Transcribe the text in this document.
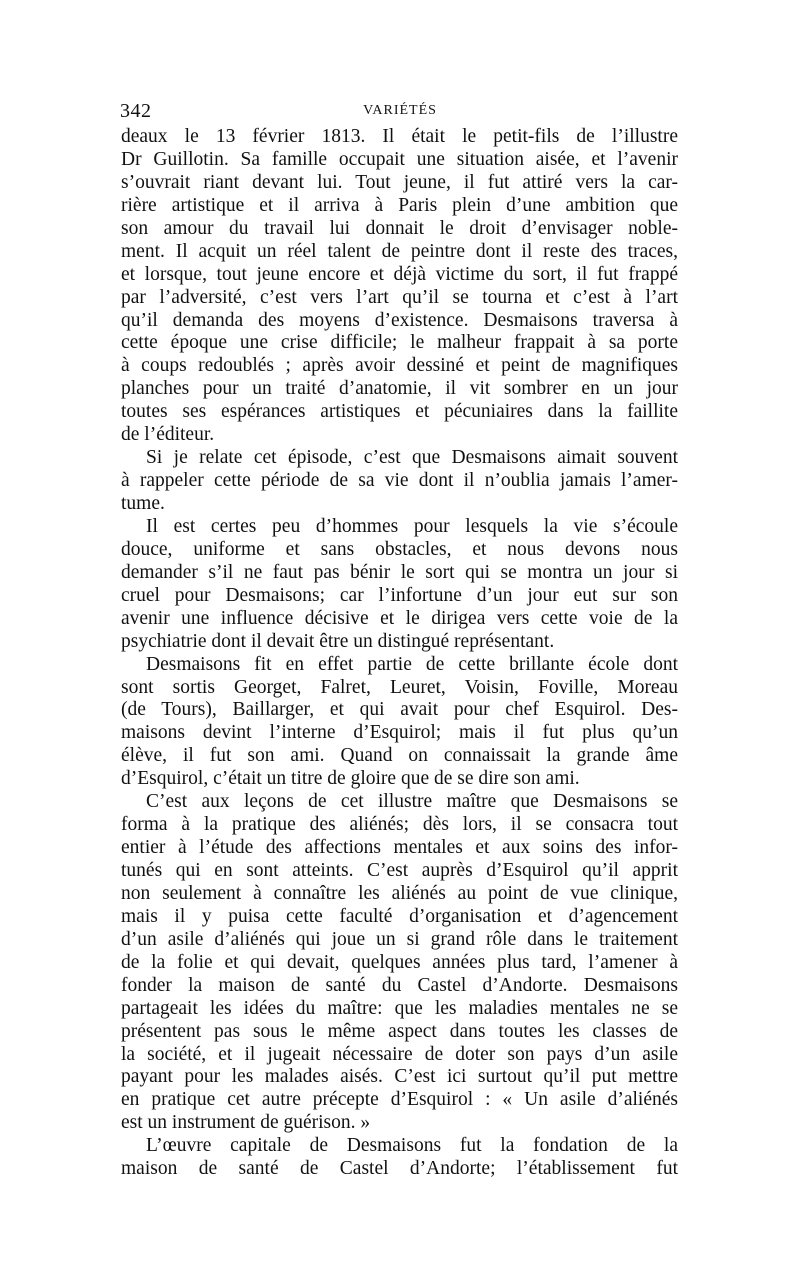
342	VARIÉTÉS
deaux le 13 février 1813. Il était le petit-fils de l’illustre
Dr Guillotin. Sa famille occupait une situation aisée, et l’avenir
s’ouvrait riant devant lui. Tout jeune, il fut attiré vers la car-
rière artistique et il arriva à Paris plein d’une ambition que
son amour du travail lui donnait le droit d’envisager noble-
ment. Il acquit un réel talent de peintre dont il reste des traces,
et lorsque, tout jeune encore et déjà victime du sort, il fut frappé
par l’adversité, c’est vers l’art qu’il se tourna et c’est à l’art
qu’il demanda des moyens d’existence. Desmaisons traversa à
cette époque une crise difficile; le malheur frappait à sa porte
à coups redoublés ; après avoir dessiné et peint de magnifiques
planches pour un traité d’anatomie, il vit sombrer en un jour
toutes ses espérances artistiques et pécuniaires dans la faillite
de l’éditeur.
Si je relate cet épisode, c’est que Desmaisons aimait souvent
à rappeler cette période de sa vie dont il n’oublia jamais l’amer-
tume.
Il est certes peu d’hommes pour lesquels la vie s’écoule
douce, uniforme et sans obstacles, et nous devons nous
demander s’il ne faut pas bénir le sort qui se montra un jour si
cruel pour Desmaisons; car l’infortune d’un jour eut sur son
avenir une influence décisive et le dirigea vers cette voie de la
psychiatrie dont il devait être un distingué représentant.
Desmaisons fit en effet partie de cette brillante école dont
sont sortis Georget, Falret, Leuret, Voisin, Foville, Moreau
(de Tours), Baillarger, et qui avait pour chef Esquirol. Des-
maisons devint l’interne d’Esquirol; mais il fut plus qu’un
élève, il fut son ami. Quand on connaissait la grande âme
d’Esquirol, c’était un titre de gloire que de se dire son ami.
C’est aux leçons de cet illustre maître que Desmaisons se
forma à la pratique des aliénés; dès lors, il se consacra tout
entier à l’étude des affections mentales et aux soins des infor-
tunés qui en sont atteints. C’est auprès d’Esquirol qu’il apprit
non seulement à connaître les aliénés au point de vue clinique,
mais il y puisa cette faculté d’organisation et d’agencement
d’un asile d’aliénés qui joue un si grand rôle dans le traitement
de la folie et qui devait, quelques années plus tard, l’amener à
fonder la maison de santé du Castel d’Andorte. Desmaisons
partageait les idées du maître: que les maladies mentales ne se
présentent pas sous le même aspect dans toutes les classes de
la société, et il jugeait nécessaire de doter son pays d’un asile
payant pour les malades aisés. C’est ici surtout qu’il put mettre
en pratique cet autre précepte d’Esquirol : « Un asile d’aliénés
est un instrument de guérison. »
L’œuvre capitale de Desmaisons fut la fondation de la
maison de santé de Castel d’Andorte; l’établissement fut
